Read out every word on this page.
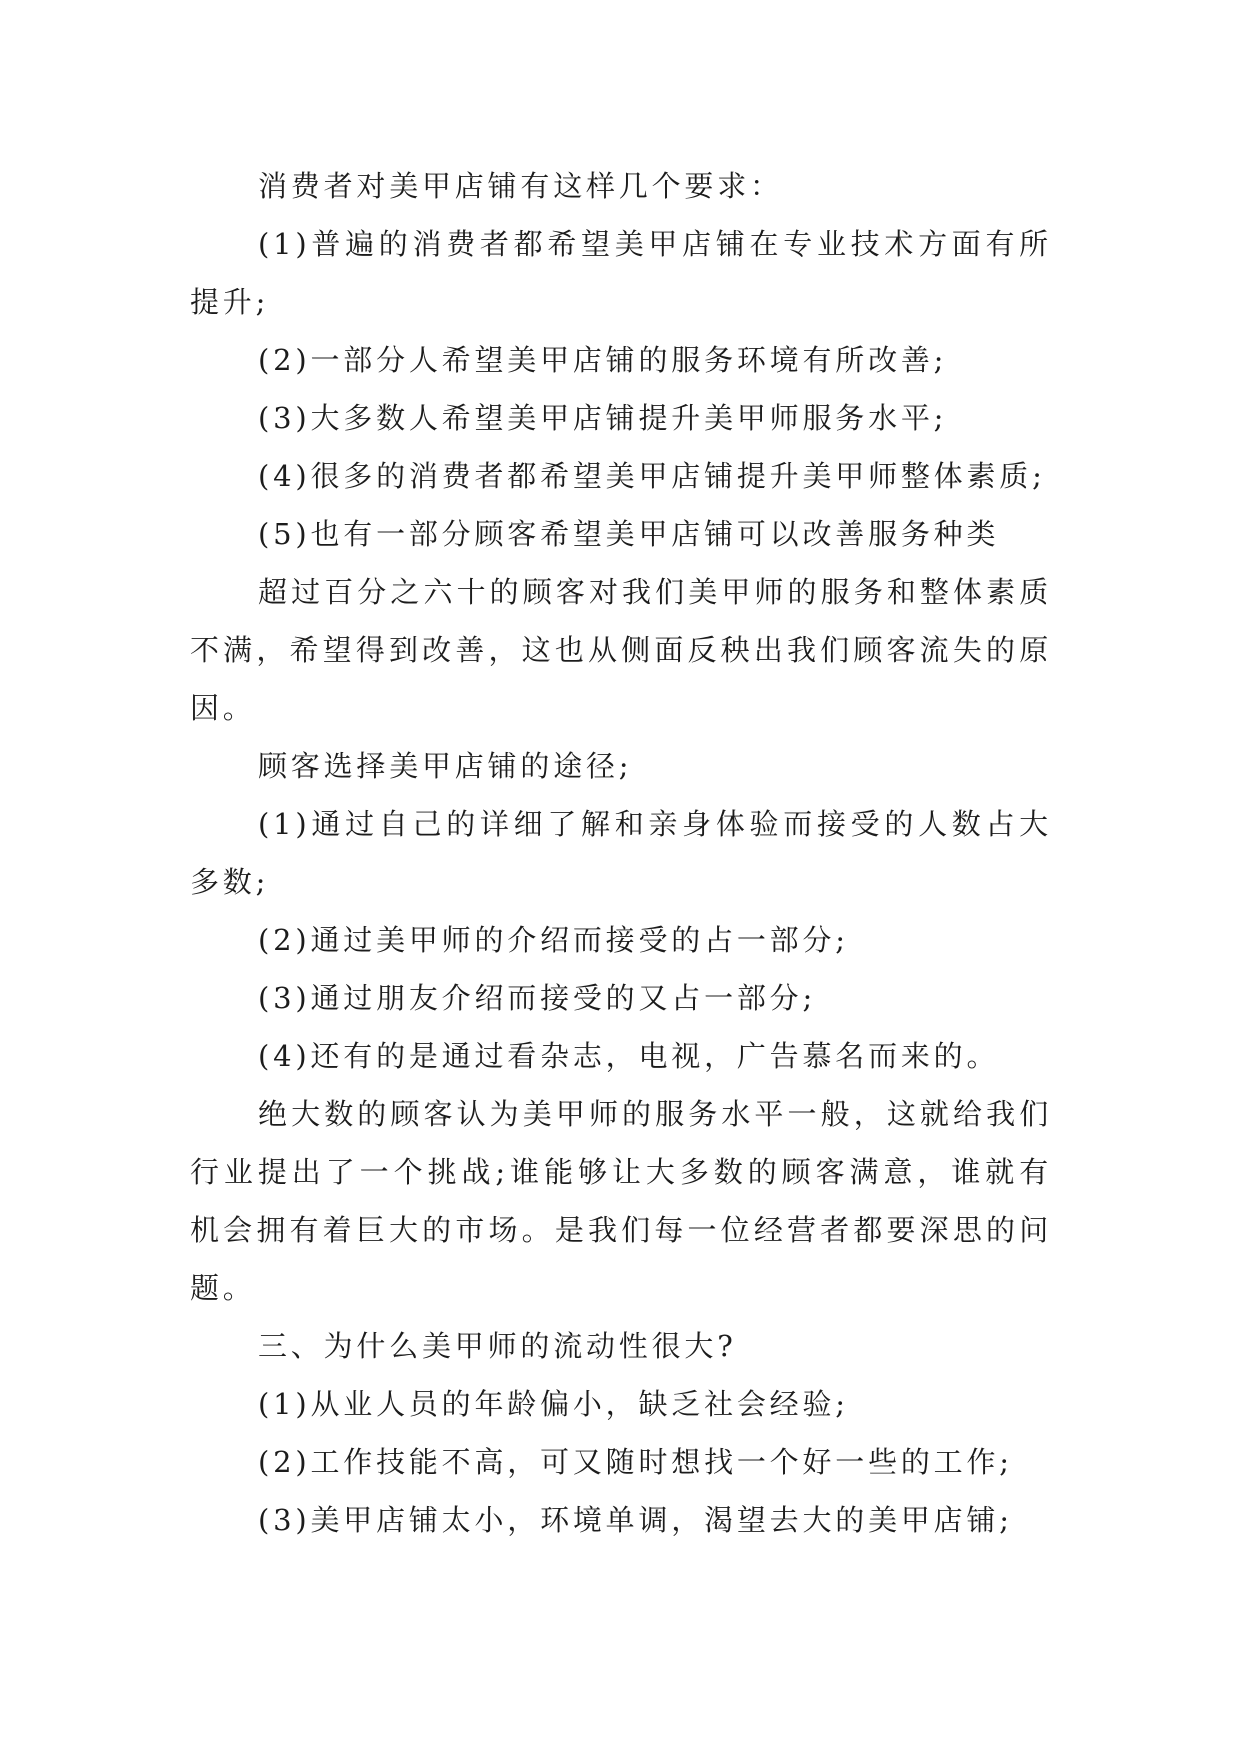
消费者对美甲店铺有这样几个要求：

(1)普遍的消费者都希望美甲店铺在专业技术方面有所提升;

(2)一部分人希望美甲店铺的服务环境有所改善;

(3)大多数人希望美甲店铺提升美甲师服务水平;

(4)很多的消费者都希望美甲店铺提升美甲师整体素质;

(5)也有一部分顾客希望美甲店铺可以改善服务种类

超过百分之六十的顾客对我们美甲师的服务和整体素质不满，希望得到改善，这也从侧面反秧出我们顾客流失的原因。

顾客选择美甲店铺的途径;

(1)通过自己的详细了解和亲身体验而接受的人数占大多数;

(2)通过美甲师的介绍而接受的占一部分;

(3)通过朋友介绍而接受的又占一部分;

(4)还有的是通过看杂志，电视，广告慕名而来的。

绝大数的顾客认为美甲师的服务水平一般，这就给我们行业提出了一个挑战;谁能够让大多数的顾客满意，谁就有机会拥有着巨大的市场。是我们每一位经营者都要深思的问题。

三、为什么美甲师的流动性很大?

(1)从业人员的年龄偏小，缺乏社会经验;

(2)工作技能不高，可又随时想找一个好一些的工作;

(3)美甲店铺太小，环境单调，渴望去大的美甲店铺;
